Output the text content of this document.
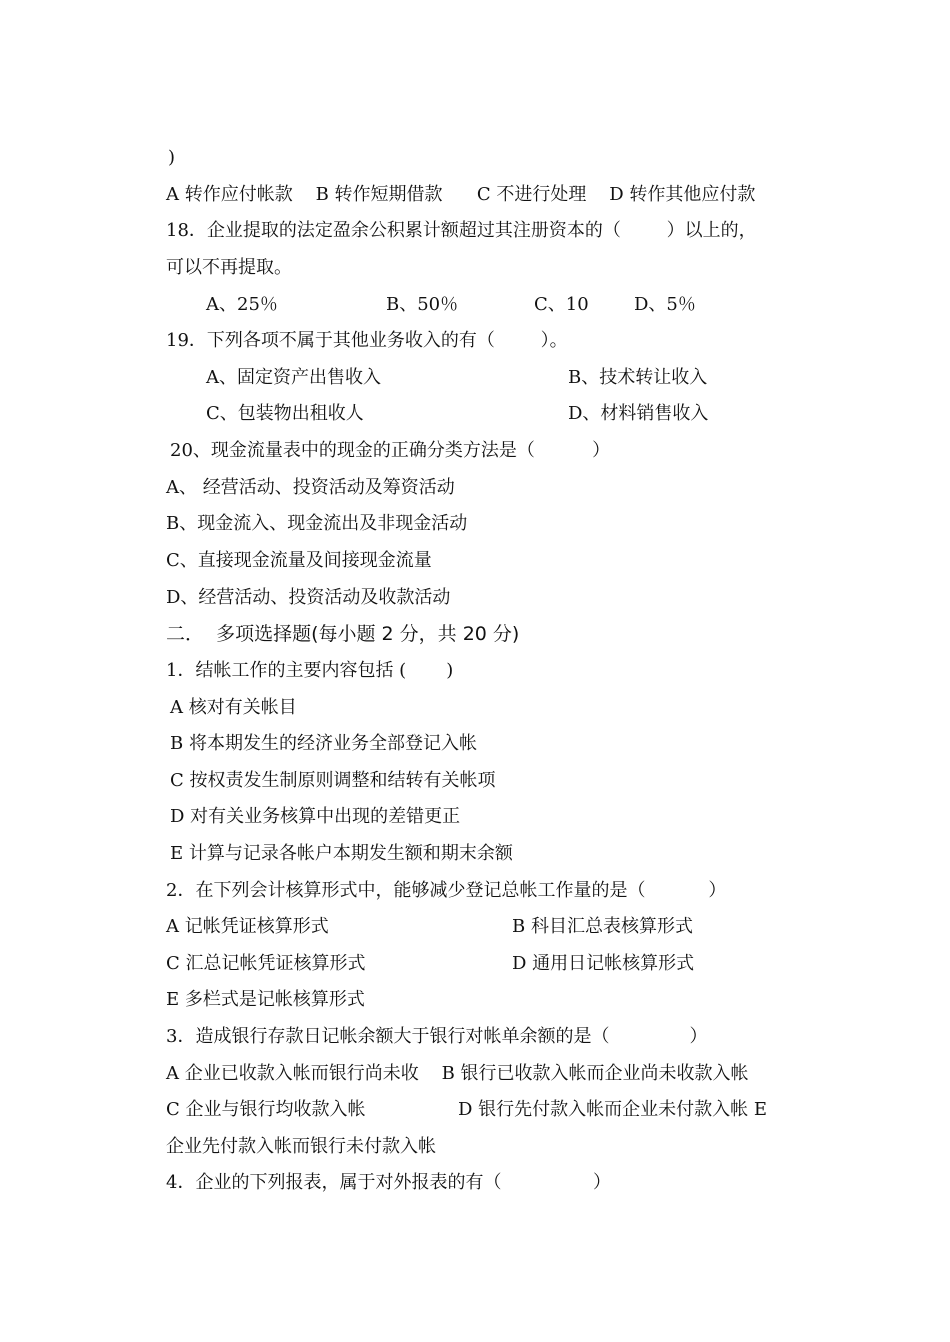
)
A 转作应付帐款    B 转作短期借款      C 不进行处理    D 转作其他应付款
18．企业提取的法定盈余公积累计额超过其注册资本的（        ）以上的，
可以不再提取。
A、25％	B、50％	C、10	D、5％
19．下列各项不属于其他业务收入的有（        ）。
A、固定资产出售收入	B、技术转让收入
C、包装物出租收人	D、材料销售收入
20、现金流量表中的现金的正确分类方法是（          ）
A、 经营活动、投资活动及筹资活动
B、现金流入、现金流出及非现金活动
C、直接现金流量及间接现金流量
D、经营活动、投资活动及收款活动
二．  多项选择题(每小题 2 分，共 20 分)
1．结帐工作的主要内容包括 (       )
A 核对有关帐目
B 将本期发生的经济业务全部登记入帐
C 按权责发生制原则调整和结转有关帐项
D 对有关业务核算中出现的差错更正
E 计算与记录各帐户本期发生额和期末余额
2．在下列会计核算形式中，能够减少登记总帐工作量的是（           ）
A 记帐凭证核算形式	B 科目汇总表核算形式
C 汇总记帐凭证核算形式	D 通用日记帐核算形式
E 多栏式是记帐核算形式
3．造成银行存款日记帐余额大于银行对帐单余额的是（              ）
A 企业已收款入帐而银行尚未收    B 银行已收款入帐而企业尚未收款入帐
C 企业与银行均收款入帐	D 银行先付款入帐而企业未付款入帐 E
企业先付款入帐而银行未付款入帐
4．企业的下列报表，属于对外报表的有（                ）
